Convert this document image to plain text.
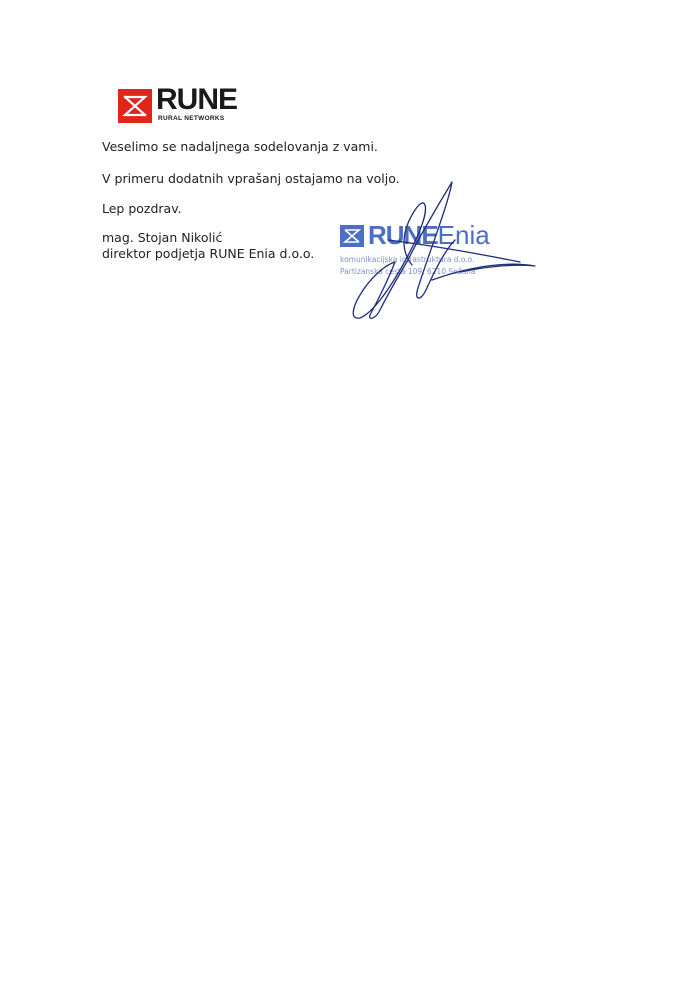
RUNE
RURAL NETWORKS
Veselimo se nadaljnega sodelovanja z vami.
V primeru dodatnih vprašanj ostajamo na voljo.
Lep pozdrav.
mag. Stojan Nikolić
direktor podjetja RUNE Enia d.o.o.
RUNEEnia
komunikacijska infrastruktura d.o.o.
Partizanska cesta 109, 6210 Sežana
